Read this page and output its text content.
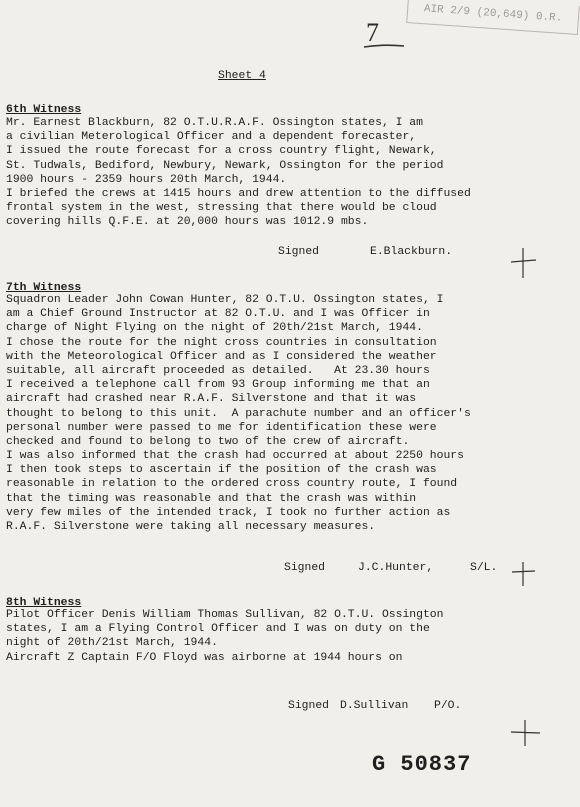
AIR 2/9 (20,649) 0.R.
7
Sheet 4
6th Witness
Mr. Earnest Blackburn, 82 O.T.U.R.A.F. Ossington states, I am
a civilian Meterological Officer and a dependent forecaster,
I issued the route forecast for a cross country flight, Newark,
St. Tudwals, Bediford, Newbury, Newark, Ossington for the period
1900 hours - 2359 hours 20th March, 1944.
I briefed the crews at 1415 hours and drew attention to the diffused
frontal system in the west, stressing that there would be cloud
covering hills Q.F.E. at 20,000 hours was 1012.9 mbs.
Signed	E.Blackburn.
7th Witness
Squadron Leader John Cowan Hunter, 82 O.T.U. Ossington states, I
am a Chief Ground Instructor at 82 O.T.U. and I was Officer in
charge of Night Flying on the night of 20th/21st March, 1944.
I chose the route for the night cross countries in consultation
with the Meteorological Officer and as I considered the weather
suitable, all aircraft proceeded as detailed.   At 23.30 hours
I received a telephone call from 93 Group informing me that an
aircraft had crashed near R.A.F. Silverstone and that it was
thought to belong to this unit.  A parachute number and an officer's
personal number were passed to me for identification these were
checked and found to belong to two of the crew of aircraft.
I was also informed that the crash had occurred at about 2250 hours
I then took steps to ascertain if the position of the crash was
reasonable in relation to the ordered cross country route, I found
that the timing was reasonable and that the crash was within
very few miles of the intended track, I took no further action as
R.A.F. Silverstone were taking all necessary measures.
Signed	J.C.Hunter,	S/L.
8th Witness
Pilot Officer Denis William Thomas Sullivan, 82 O.T.U. Ossington
states, I am a Flying Control Officer and I was on duty on the
night of 20th/21st March, 1944.
Aircraft Z Captain F/O Floyd was airborne at 1944 hours on
Signed D.Sullivan P/O.
G 50837
